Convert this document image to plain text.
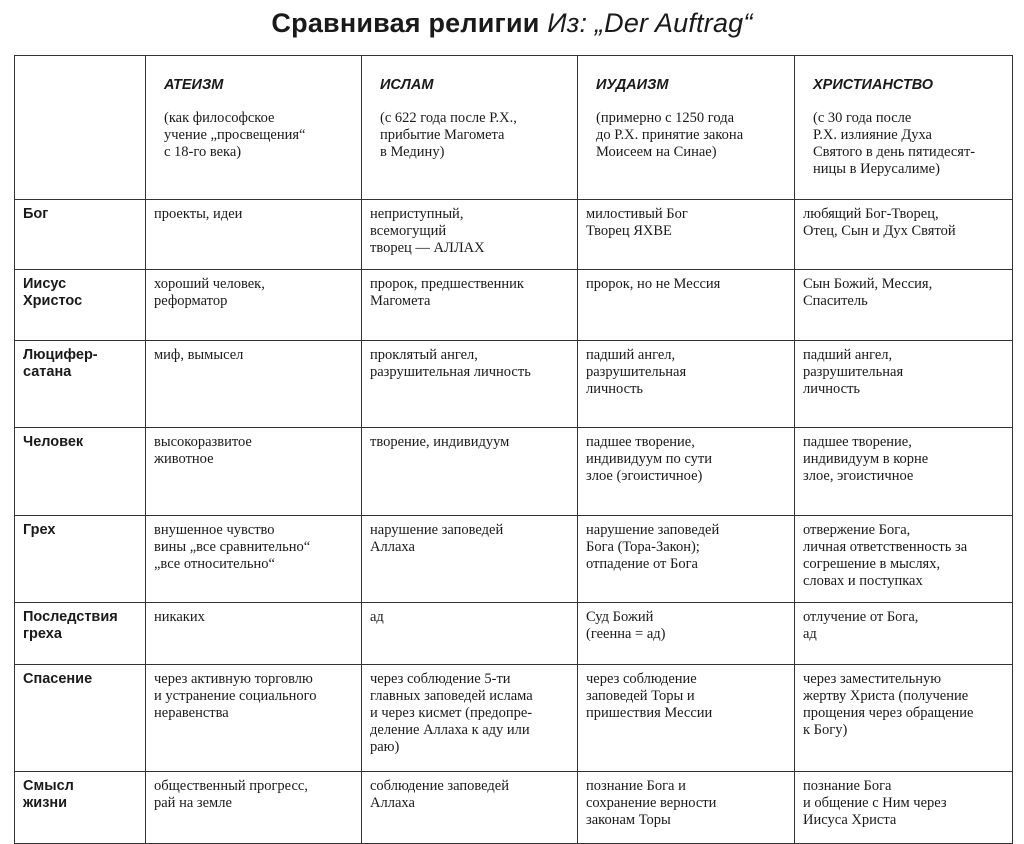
Сравнивая религии Из: „Der Auftrag“

	АТЕИЗМ

(как философское
учение „просвещения“
с 18-го века)	ИСЛАМ

(с 622 года после Р.Х.,
прибытие Магомета
в Медину)	ИУДАИЗМ

(примерно с 1250 года
до Р.Х. принятие закона
Моисеем на Синае)	ХРИСТИАНСТВО

(с 30 года после
Р.Х. излияние Духа
Святого в день пятидесят-
ницы в Иерусалиме)

Бог	проекты, идеи	неприступный,
всемогущий
творец — АЛЛАХ	милостивый Бог
Творец ЯХВЕ	любящий Бог-Творец,
Отец, Сын и Дух Святой
Иисус
Христос	хороший человек,
реформатор	пророк, предшественник
Магомета	пророк, но не Мессия	Сын Божий, Мессия,
Спаситель
Люцифер-
сатана	миф, вымысел	проклятый ангел,
разрушительная личность	падший ангел,
разрушительная
личность	падший ангел,
разрушительная
личность
Человек	высокоразвитое
животное	творение, индивидуум	падшее творение,
индивидуум по сути
злое (эгоистичное)	падшее творение,
индивидуум в корне
злое, эгоистичное
Грех	внушенное чувство
вины „все сравнительно“
„все относительно“	нарушение заповедей
Аллаха	нарушение заповедей
Бога (Тора-Закон);
отпадение от Бога	отвержение Бога,
личная ответственность за
согрешение в мыслях,
словах и поступках
Последствия
греха	никаких	ад	Суд Божий
(геенна = ад)	отлучение от Бога,
ад
Спасение	через активную торговлю
и устранение социального
неравенства	через соблюдение 5-ти
главных заповедей ислама
и через кисмет (предопре-
деление Аллаха к аду или
раю)	через соблюдение
заповедей Торы и
пришествия Мессии	через заместительную
жертву Христа (получение
прощения через обращение
к Богу)
Смысл
жизни	общественный прогресс,
рай на земле	соблюдение заповедей
Аллаха	познание Бога и
сохранение верности
законам Торы	познание Бога
и общение с Ним через
Иисуса Христа
